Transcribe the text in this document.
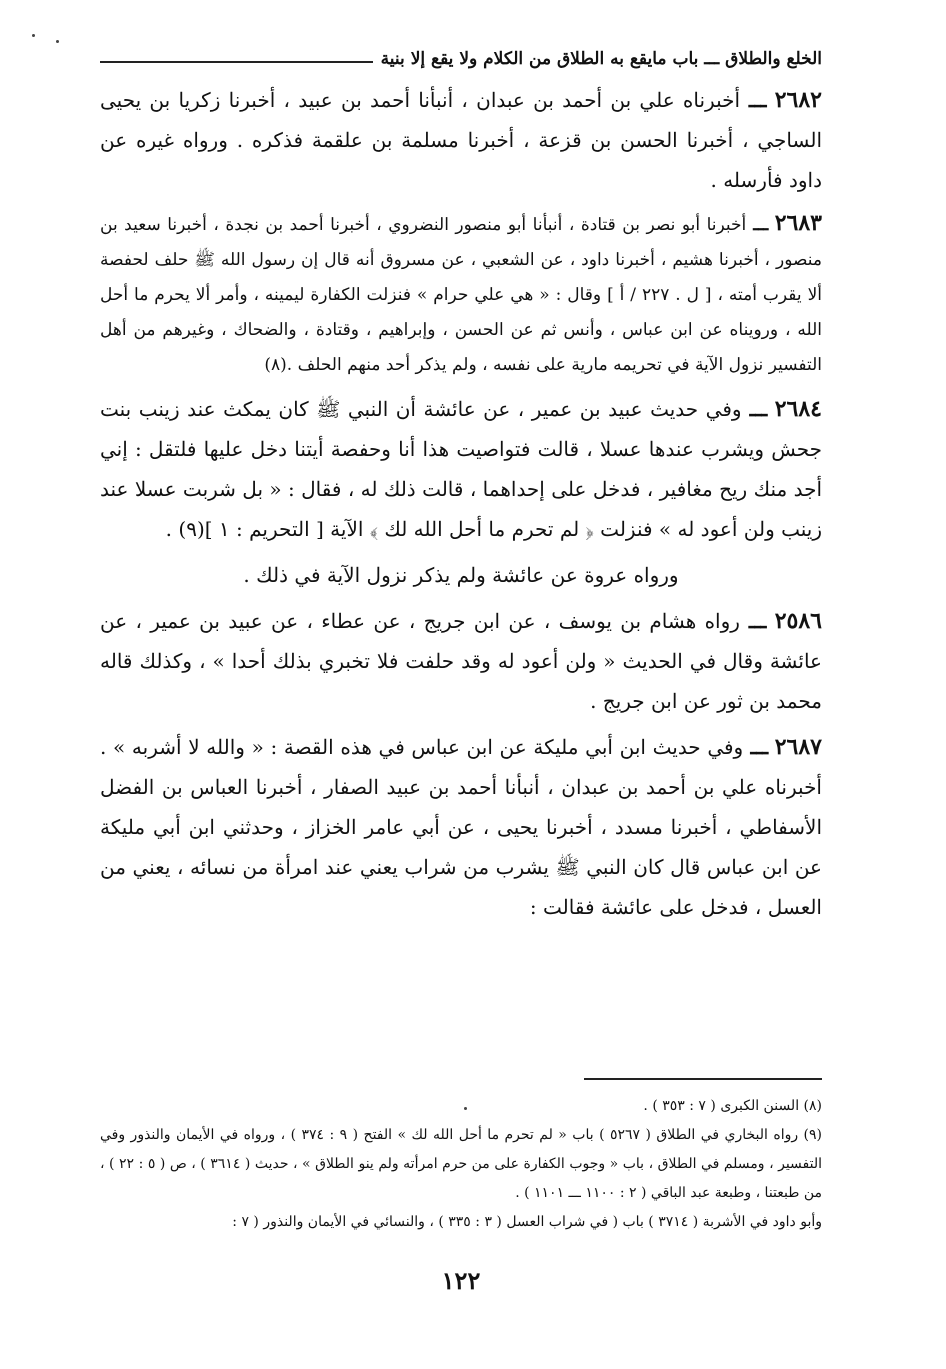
الخلع والطلاق ـــ باب مايقع به الطلاق من الكلام ولا يقع إلا بنية

٢٦٨٢ ـــ أخبرناه علي بن أحمد بن عبدان ، أنبأنا أحمد بن عبيد ، أخبرنا زكريا بن يحيى الساجي ، أخبرنا الحسن بن قزعة ، أخبرنا مسلمة بن علقمة فذكره . ورواه غيره عن داود فأرسله .

٢٦٨٣ ـــ أخبرنا أبو نصر بن قتادة ، أنبأنا أبو منصور النضروي ، أخبرنا أحمد بن نجدة ، أخبرنا سعيد بن منصور ، أخبرنا هشيم ، أخبرنا داود ، عن الشعبي ، عن مسروق أنه قال إن رسول الله ﷺ حلف لحفصة ألا يقرب أمته ، [ ل . ٢٢٧ / أ ] وقال : « هي علي حرام » فنزلت الكفارة ليمينه ، وأمر ألا يحرم ما أحل الله ، ورويناه عن ابن عباس ، وأنس ثم عن الحسن ، وإبراهيم ، وقتادة ، والضحاك ، وغيرهم من أهل التفسير نزول الآية في تحريمه مارية على نفسه ، ولم يذكر أحد منهم الحلف .(٨)

٢٦٨٤ ـــ وفي حديث عبيد بن عمير ، عن عائشة أن النبي ﷺ كان يمكث عند زينب بنت جحش ويشرب عندها عسلا ، قالت فتواصيت هذا أنا وحفصة أيتنا دخل عليها فلتقل : إني أجد منك ريح مغافير ، فدخل على إحداهما ، قالت ذلك له ، فقال : « بل شربت عسلا عند زينب ولن أعود له » فنزلت ﴿ لم تحرم ما أحل الله لك ﴾ الآية [ التحريم : ١ ](٩) .

ورواه عروة عن عائشة ولم يذكر نزول الآية في ذلك .

٢٥٨٦ ـــ رواه هشام بن يوسف ، عن ابن جريج ، عن عطاء ، عن عبيد بن عمير ، عن عائشة وقال في الحديث « ولن أعود له وقد حلفت فلا تخبري بذلك أحدا » ، وكذلك قاله محمد بن ثور عن ابن جريج .

٢٦٨٧ ـــ وفي حديث ابن أبي مليكة عن ابن عباس في هذه القصة : « والله لا أشربه » . أخبرناه علي بن أحمد بن عبدان ، أنبأنا أحمد بن عبيد الصفار ، أخبرنا العباس بن الفضل الأسفاطي ، أخبرنا مسدد ، أخبرنا يحيى ، عن أبي عامر الخزاز ، وحدثني ابن أبي مليكة عن ابن عباس قال كان النبي ﷺ يشرب من شراب يعني عند امرأة من نسائه ، يعني من العسل ، فدخل على عائشة فقالت :

(٨) السنن الكبرى ( ٧ : ٣٥٣ ) .

(٩) رواه البخاري في الطلاق ( ٥٢٦٧ ) باب « لم تحرم ما أحل الله لك » الفتح ( ٩ : ٣٧٤ ) ، ورواه في الأيمان والنذور وفي التفسير ، ومسلم في الطلاق ، باب « وجوب الكفارة على من حرم امرأته ولم ينو الطلاق » ، حديث ( ٣٦١٤ ) ، ص ( ٥ : ٢٢ ) ، من طبعتنا ، وطبعة عبد الباقي ( ٢ : ١١٠٠ ـــ ١١٠١ ) .

وأبو داود في الأشربة ( ٣٧١٤ ) باب ( في شراب العسل ( ٣ : ٣٣٥ ) ، والنسائي في الأيمان والنذور ( ٧ :

١٢٢
